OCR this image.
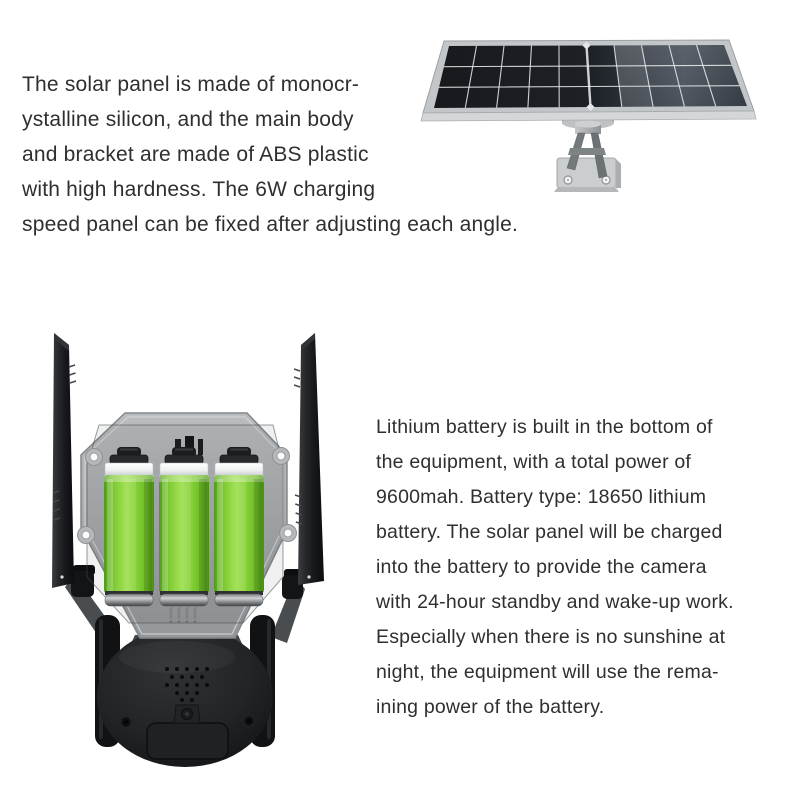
The solar panel is made of monocr-
ystalline silicon, and the main body
and bracket are made of ABS plastic
with high hardness. The 6W charging
speed panel can be fixed after adjusting each angle.
Lithium battery is built in the bottom of
the equipment, with a total power of
9600mah. Battery type: 18650 lithium
battery. The solar panel will be charged
into the battery to provide the camera
with 24-hour standby and wake-up work.
Especially when there is no sunshine at
night, the equipment will use the rema-
ining power of the battery.
